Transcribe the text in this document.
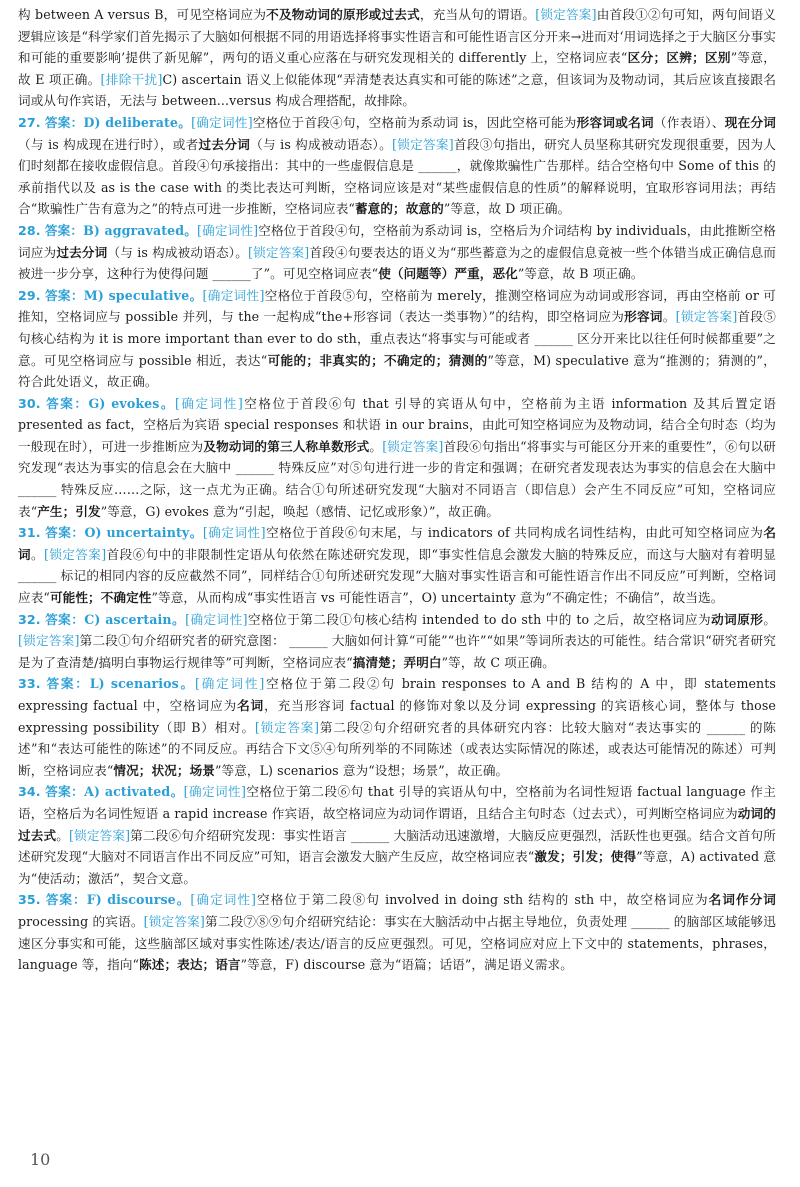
构 between A versus B，可见空格词应为不及物动词的原形或过去式，充当从句的谓语。[锁定答案]由首段①②句可知，两句间语义逻辑应该是“科学家们首先揭示了大脑如何根据不同的用语选择将事实性语言和可能性语言区分开来→进而对‘用词选择之于大脑区分事实和可能的重要影响’提供了新见解”，两句的语义重心应落在与研究发现相关的 differently 上，空格词应表“区分；区辨；区别”等意，故 E 项正确。[排除干扰]C) ascertain 语义上似能体现“弄清楚表达真实和可能的陈述”之意，但该词为及物动词，其后应该直接跟名词或从句作宾语，无法与 between...versus 构成合理搭配，故排除。

27. 答案：D) deliberate。[确定词性]空格位于首段④句，空格前为系动词 is，因此空格可能为形容词或名词（作表语）、现在分词（与 is 构成现在进行时），或者过去分词（与 is 构成被动语态）。[锁定答案]首段③句指出，研究人员坚称其研究发现很重要，因为人们时刻都在接收虚假信息。首段④句承接指出：其中的一些虚假信息是 ______，就像欺骗性广告那样。结合空格句中 Some of this 的承前指代以及 as is the case with 的类比表达可判断，空格词应该是对“某些虚假信息的性质”的解释说明，宜取形容词用法；再结合“欺骗性广告有意为之”的特点可进一步推断，空格词应表“蓄意的；故意的”等意，故 D 项正确。

28. 答案：B) aggravated。[确定词性]空格位于首段④句，空格前为系动词 is，空格后为介词结构 by individuals，由此推断空格词应为过去分词（与 is 构成被动语态）。[锁定答案]首段④句要表达的语义为“那些蓄意为之的虚假信息竟被一些个体错当成正确信息而被进一步分享，这种行为使得问题 ______了”。可见空格词应表“使（问题等）严重，恶化”等意，故 B 项正确。

29. 答案：M) speculative。[确定词性]空格位于首段⑤句，空格前为 merely，推测空格词应为动词或形容词，再由空格前 or 可推知，空格词应与 possible 并列，与 the 一起构成“the+形容词（表达一类事物）”的结构，即空格词应为形容词。[锁定答案]首段⑤句核心结构为 it is more important than ever to do sth，重点表达“将事实与可能或者 ______ 区分开来比以往任何时候都重要”之意。可见空格词应与 possible 相近，表达“可能的；非真实的；不确定的；猜测的”等意，M) speculative 意为“推测的；猜测的”，符合此处语义，故正确。

30. 答案：G) evokes。[确定词性]空格位于首段⑥句 that 引导的宾语从句中，空格前为主语 information 及其后置定语 presented as fact，空格后为宾语 special responses 和状语 in our brains，由此可知空格词应为及物动词，结合全句时态（均为一般现在时），可进一步推断应为及物动词的第三人称单数形式。[锁定答案]首段⑥句指出“将事实与可能区分开来的重要性”，⑥句以研究发现“表达为事实的信息会在大脑中 ______ 特殊反应”对⑤句进行进一步的肯定和强调；在研究者发现表达为事实的信息会在大脑中 ______ 特殊反应……之际，这一点尤为正确。结合①句所述研究发现“大脑对不同语言（即信息）会产生不同反应”可知，空格词应表“产生；引发”等意，G) evokes 意为“引起，唤起（感情、记忆或形象）”，故正确。

31. 答案：O) uncertainty。[确定词性]空格位于首段⑥句末尾，与 indicators of 共同构成名词性结构，由此可知空格词应为名词。[锁定答案]首段⑥句中的非限制性定语从句依然在陈述研究发现，即“事实性信息会激发大脑的特殊反应，而这与大脑对有着明显 ______ 标记的相同内容的反应截然不同”，同样结合①句所述研究发现“大脑对事实性语言和可能性语言作出不同反应”可判断，空格词应表“可能性；不确定性”等意，从而构成“事实性语言 vs 可能性语言”，O) uncertainty 意为“不确定性；不确信”，故当选。

32. 答案：C) ascertain。[确定词性]空格位于第二段①句核心结构 intended to do sth 中的 to 之后，故空格词应为动词原形。[锁定答案]第二段①句介绍研究者的研究意图： ______ 大脑如何计算“可能”“也许”“如果”等词所表达的可能性。结合常识“研究者研究是为了查清楚/搞明白事物运行规律等”可判断，空格词应表“搞清楚；弄明白”等，故 C 项正确。

33. 答案：L) scenarios。[确定词性]空格位于第二段②句 brain responses to A and B 结构的 A 中，即 statements expressing factual 中，空格词应为名词，充当形容词 factual 的修饰对象以及分词 expressing 的宾语核心词，整体与 those expressing possibility（即 B）相对。[锁定答案]第二段②句介绍研究者的具体研究内容：比较大脑对“表达事实的 ______ 的陈述”和“表达可能性的陈述”的不同反应。再结合下文⑤④句所列举的不同陈述（或表达实际情况的陈述，或表达可能情况的陈述）可判断，空格词应表“情况；状况；场景”等意，L) scenarios 意为“设想；场景”，故正确。

34. 答案：A) activated。[确定词性]空格位于第二段⑥句 that 引导的宾语从句中，空格前为名词性短语 factual language 作主语，空格后为名词性短语 a rapid increase 作宾语，故空格词应为动词作谓语，且结合主句时态（过去式），可判断空格词应为动词的过去式。[锁定答案]第二段⑥句介绍研究发现：事实性语言 ______ 大脑活动迅速激增，大脑反应更强烈，活跃性也更强。结合文首句所述研究发现“大脑对不同语言作出不同反应”可知，语言会激发大脑产生反应，故空格词应表“激发；引发；使得”等意，A) activated 意为“使活动；激活”，契合文意。

35. 答案：F) discourse。[确定词性]空格位于第二段⑧句 involved in doing sth 结构的 sth 中，故空格词应为名词作分词 processing 的宾语。[锁定答案]第二段⑦⑧⑨句介绍研究结论：事实在大脑活动中占据主导地位，负责处理 ______ 的脑部区域能够迅速区分事实和可能，这些脑部区域对事实性陈述/表达/语言的反应更强烈。可见，空格词应对应上下文中的 statements，phrases，language 等，指向“陈述；表达；语言”等意，F) discourse 意为“语篇；话语”，满足语义需求。

10
